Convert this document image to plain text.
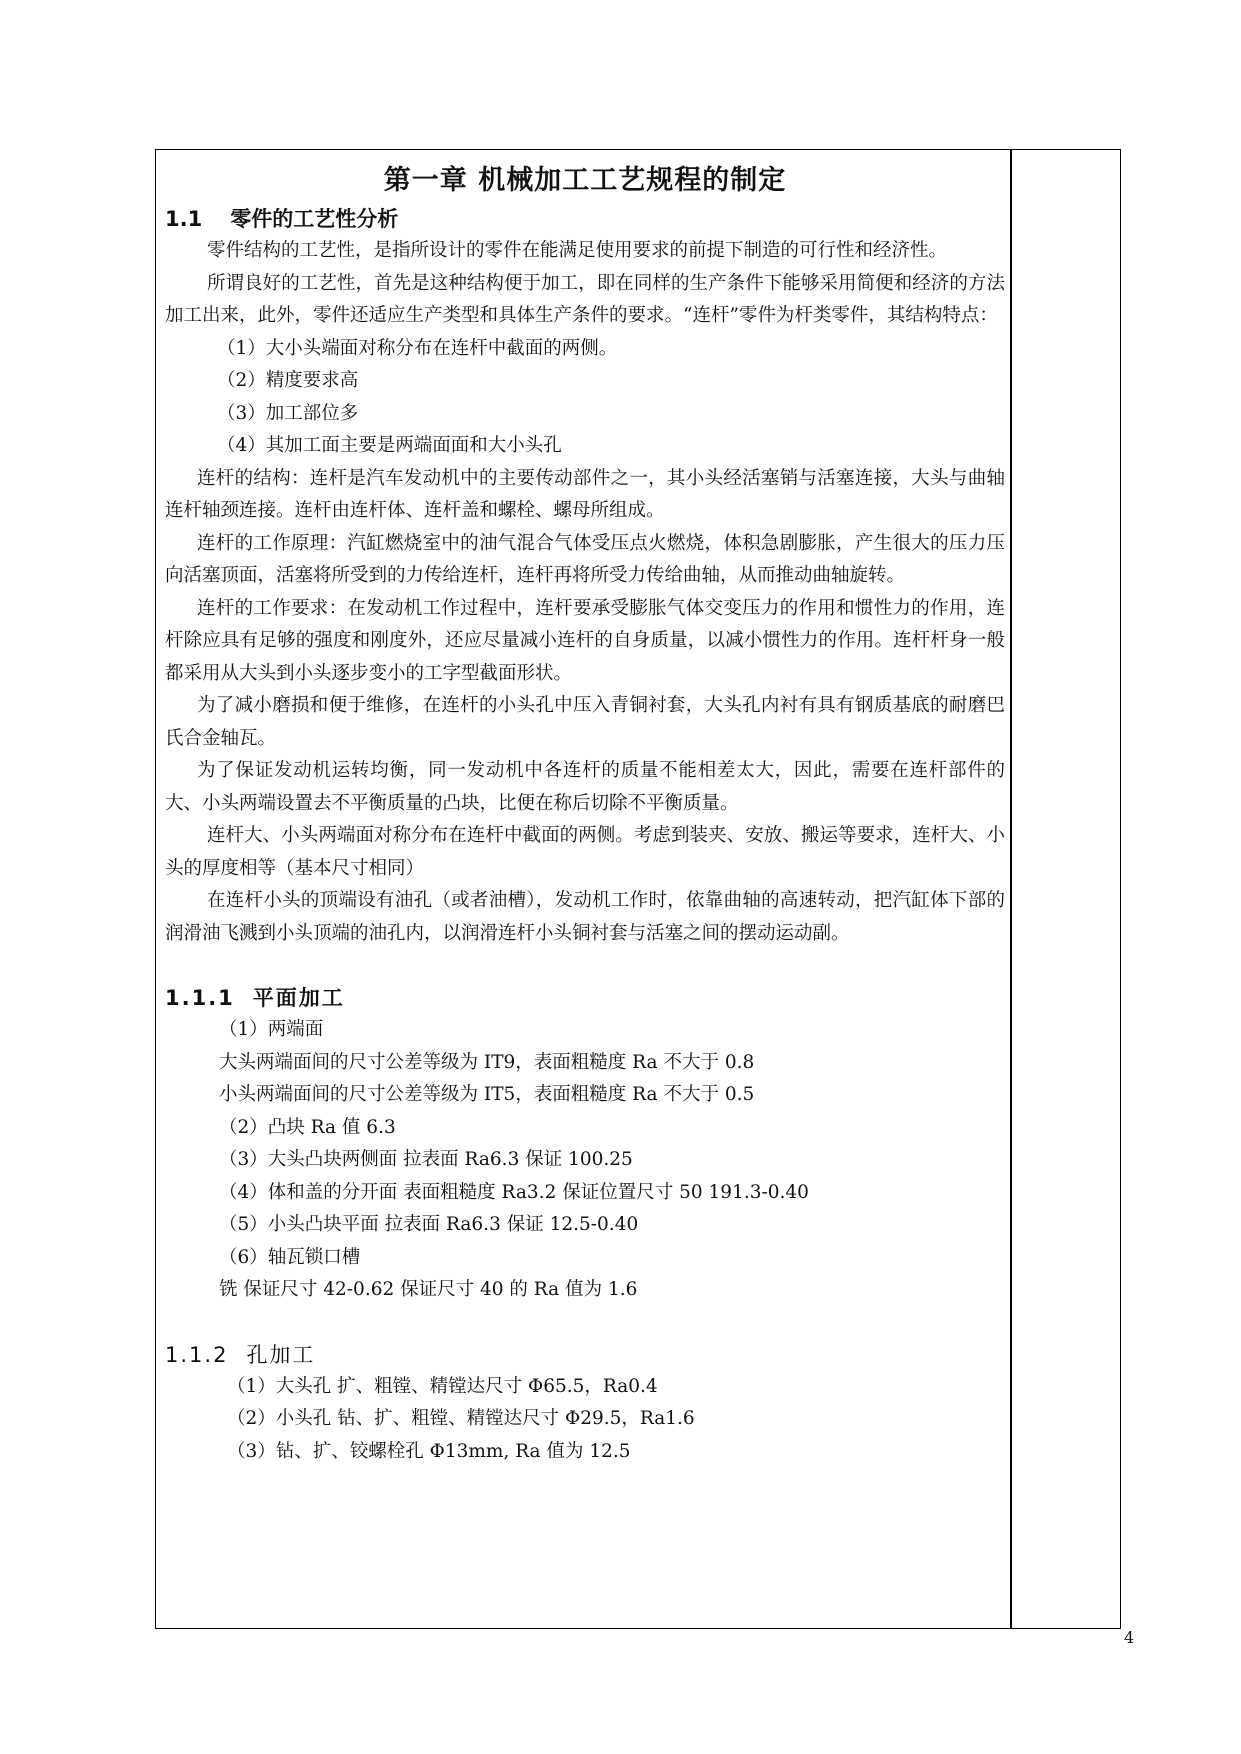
第一章 机械加工工艺规程的制定
1.1 零件的工艺性分析

零件结构的工艺性，是指所设计的零件在能满足使用要求的前提下制造的可行性和经济性。

所谓良好的工艺性，首先是这种结构便于加工，即在同样的生产条件下能够采用简便和经济的方法加工出来，此外，零件还适应生产类型和具体生产条件的要求。“连杆”零件为杆类零件，其结构特点：

（1）大小头端面对称分布在连杆中截面的两侧。

（2）精度要求高

（3）加工部位多

（4）其加工面主要是两端面面和大小头孔

连杆的结构：连杆是汽车发动机中的主要传动部件之一，其小头经活塞销与活塞连接，大头与曲轴连杆轴颈连接。连杆由连杆体、连杆盖和螺栓、螺母所组成。

连杆的工作原理：汽缸燃烧室中的油气混合气体受压点火燃烧，体积急剧膨胀，产生很大的压力压向活塞顶面，活塞将所受到的力传给连杆，连杆再将所受力传给曲轴，从而推动曲轴旋转。

连杆的工作要求：在发动机工作过程中，连杆要承受膨胀气体交变压力的作用和惯性力的作用，连杆除应具有足够的强度和刚度外，还应尽量减小连杆的自身质量，以减小惯性力的作用。连杆杆身一般都采用从大头到小头逐步变小的工字型截面形状。

为了减小磨损和便于维修，在连杆的小头孔中压入青铜衬套，大头孔内衬有具有钢质基底的耐磨巴氏合金轴瓦。

为了保证发动机运转均衡，同一发动机中各连杆的质量不能相差太大，因此，需要在连杆部件的大、小头两端设置去不平衡质量的凸块，比便在称后切除不平衡质量。

连杆大、小头两端面对称分布在连杆中截面的两侧。考虑到装夹、安放、搬运等要求，连杆大、小头的厚度相等（基本尺寸相同）

在连杆小头的顶端设有油孔（或者油槽），发动机工作时，依靠曲轴的高速转动，把汽缸体下部的润滑油飞溅到小头顶端的油孔内，以润滑连杆小头铜衬套与活塞之间的摆动运动副。

1.1.1 平面加工

（1）两端面

大头两端面间的尺寸公差等级为 IT9，表面粗糙度 Ra 不大于 0.8

小头两端面间的尺寸公差等级为 IT5，表面粗糙度 Ra 不大于 0.5

（2）凸块 Ra 值 6.3

（3）大头凸块两侧面 拉表面 Ra6.3 保证 100.25

（4）体和盖的分开面 表面粗糙度 Ra3.2 保证位置尺寸 50 191.3-0.40

（5）小头凸块平面 拉表面 Ra6.3 保证 12.5-0.40

（6）轴瓦锁口槽

铣 保证尺寸 42-0.62 保证尺寸 40 的 Ra 值为 1.6

1.1.2 孔加工

（1）大头孔 扩、粗镗、精镗达尺寸 Φ65.5，Ra0.4

（2）小头孔 钻、扩、粗镗、精镗达尺寸 Φ29.5，Ra1.6

（3）钻、扩、铰螺栓孔 Φ13mm, Ra 值为 12.5

4
